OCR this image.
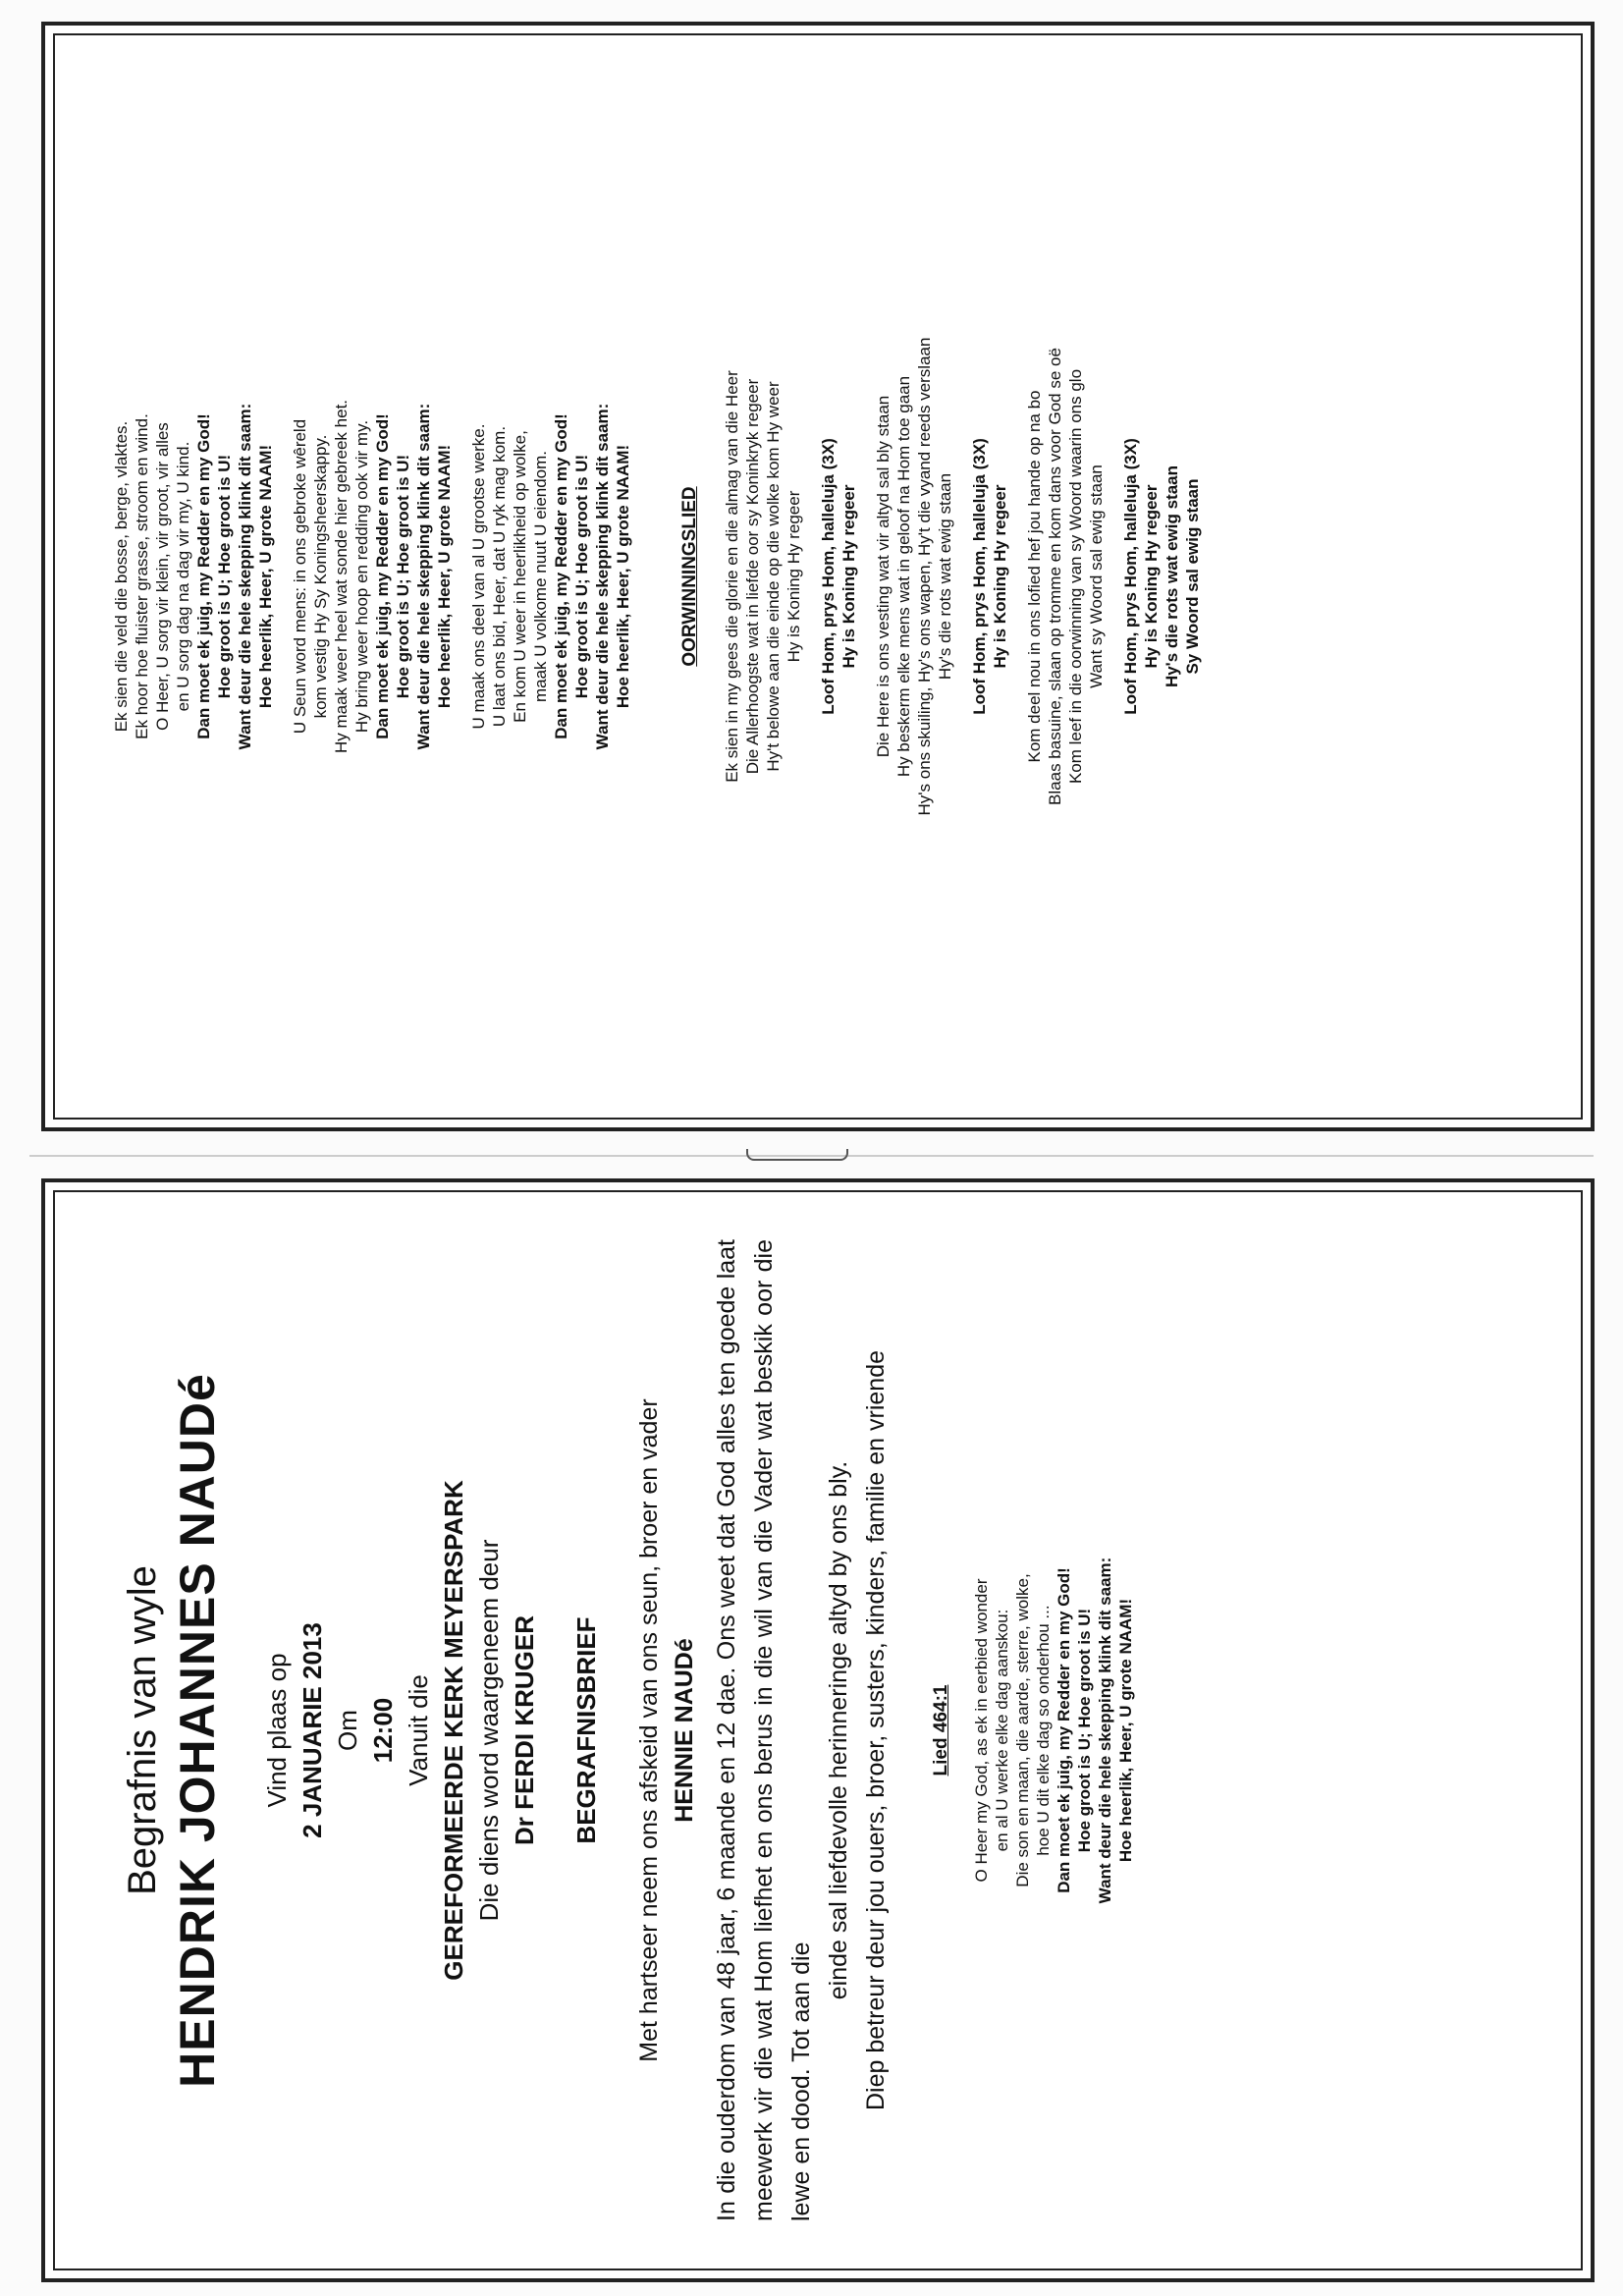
Ek sien die veld die bosse, berge, vlaktes. Ek hoor hoe fluister grasse, stroom en wind. O Heer, U sorg vir klein, vir groot, vir alles en U sorg dag na dag vir my, U kind. Dan moet ek juig, my Redder en my God! Hoe groot is U; Hoe groot is U! Want deur die hele skepping klink dit saam: Hoe heerlik, Heer, U grote NAAM! U Seun word mens: in ons gebroke wêreld kom vestig Hy Sy Koningsheerskappy. Hy maak weer heel wat sonde hier gebreek het. Hy bring weer hoop en redding ook vir my. Dan moet ek juig, my Redder en my God! Hoe groot is U; Hoe groot is U! Want deur die hele skepping klink dit saam: Hoe heerlik, Heer, U grote NAAM! U maak ons deel van al U grootse werke. U laat ons bid, Heer, dat U ryk mag kom. En kom U weer in heerlikheid op wolke, maak U volkome nuut U eiendom. Dan moet ek juig, my Redder en my God! Hoe groot is U; Hoe groot is U! Want deur die hele skepping klink dit saam: Hoe heerlik, Heer, U grote NAAM!	OORWINNINGSLIED	Ek sien in my gees die glorie en die almag van die Heer Die Allerhoogste wat in liefde oor sy Koninkryk regeer Hy't belowe aan die einde op die wolke kom Hy weer Hy is Koning Hy regeer Loof Hom, prys Hom, halleluja (3X) Hy is Koning Hy regeer Die Here is ons vesting wat vir altyd sal bly staan Hy beskerm elke mens wat in geloof na Hom toe gaan Hy's ons skuiling, Hy's ons wapen, Hy't die vyand reeds verslaan Hy's die rots wat ewig staan Loof Hom, prys Hom, halleluja (3X) Hy is Koning Hy regeer Kom deel nou in ons lofied hef jou hande op na bo Blaas basuine, slaan op tromme en kom dans voor God se oë Kom leef in die oorwinning van sy Woord waarin ons glo Want sy Woord sal ewig staan Loof Hom, prys Hom, halleluja (3X) Hy is Koning Hy regeer Hy's die rots wat ewig staan Sy Woord sal ewig staan
Begrafnis van wyle HENDRIK JOHANNES NAUDé Vind plaas op 2 JANUARIE 2013 Om 12:00 Vanuit die GEREFORMEERDE KERK MEYERSPARK Die diens word waargeneem deur Dr FERDI KRUGER BEGRAFNISBRIEF Met hartseer neem ons afskeid van ons seun, broer en vader HENNIE NAUDé In die ouderdom van 48 jaar, 6 maande en 12 dae. Ons weet dat God alles ten goede laat meewerk vir die wat Hom liefhet en ons berus in die wil van die Vader wat beskik oor die lewe en dood. Tot aan die
einde sal liefdevolle herinneringe altyd by ons bly. Diep betreur deur jou ouers, broer, susters, kinders, familie en vriende	Lied 464:1	O Heer my God, as ek in eerbied wonder en al U werke elke dag aanskou: Die son en maan, die aarde, sterre, wolke, hoe U dit elke dag so onderhou ... Dan moet ek juig, my Redder en my God! Hoe groot is U; Hoe groot is U! Want deur die hele skepping klink dit saam: Hoe heerlik, Heer, U grote NAAM!
